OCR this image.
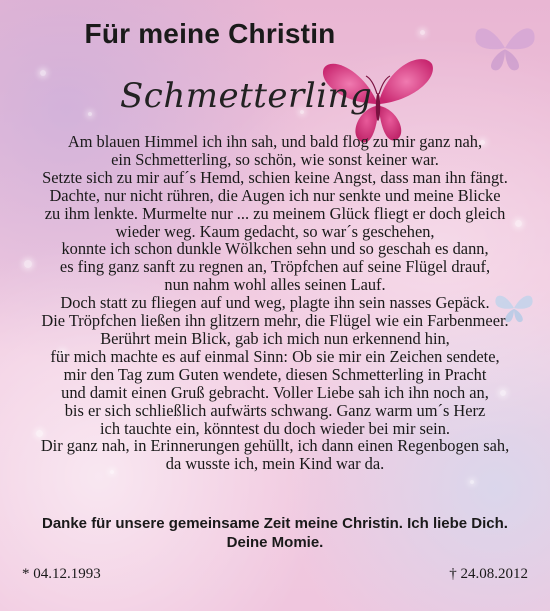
Für meine Christin
Schmetterling
Am blauen Himmel ich ihn sah, und bald flog zu mir ganz nah,
ein Schmetterling, so schön, wie sonst keiner war.
Setzte sich zu mir auf´s Hemd, schien keine Angst, dass man ihn fängt.
Dachte, nur nicht rühren, die Augen ich nur senkte und meine Blicke
zu ihm lenkte. Murmelte nur ... zu meinem Glück fliegt er doch gleich
wieder weg. Kaum gedacht, so war´s geschehen,
konnte ich schon dunkle Wölkchen sehn und so geschah es dann,
es fing ganz sanft zu regnen an, Tröpfchen auf seine Flügel drauf,
nun nahm wohl alles seinen Lauf.
Doch statt zu fliegen auf und weg, plagte ihn sein nasses Gepäck.
Die Tröpfchen ließen ihn glitzern mehr, die Flügel wie ein Farbenmeer.
Berührt mein Blick, gab ich mich nun erkennend hin,
für mich machte es auf einmal Sinn: Ob sie mir ein Zeichen sendete,
mir den Tag zum Guten wendete, diesen Schmetterling in Pracht
und damit einen Gruß gebracht. Voller Liebe sah ich ihn noch an,
bis er sich schließlich aufwärts schwang. Ganz warm um´s Herz
ich tauchte ein, könntest du doch wieder bei mir sein.
Dir ganz nah, in Erinnerungen gehüllt, ich dann einen Regenbogen sah,
da wusste ich, mein Kind war da.
Danke für unsere gemeinsame Zeit meine Christin. Ich liebe Dich.
Deine Momie.
* 04.12.1993	† 24.08.2012
